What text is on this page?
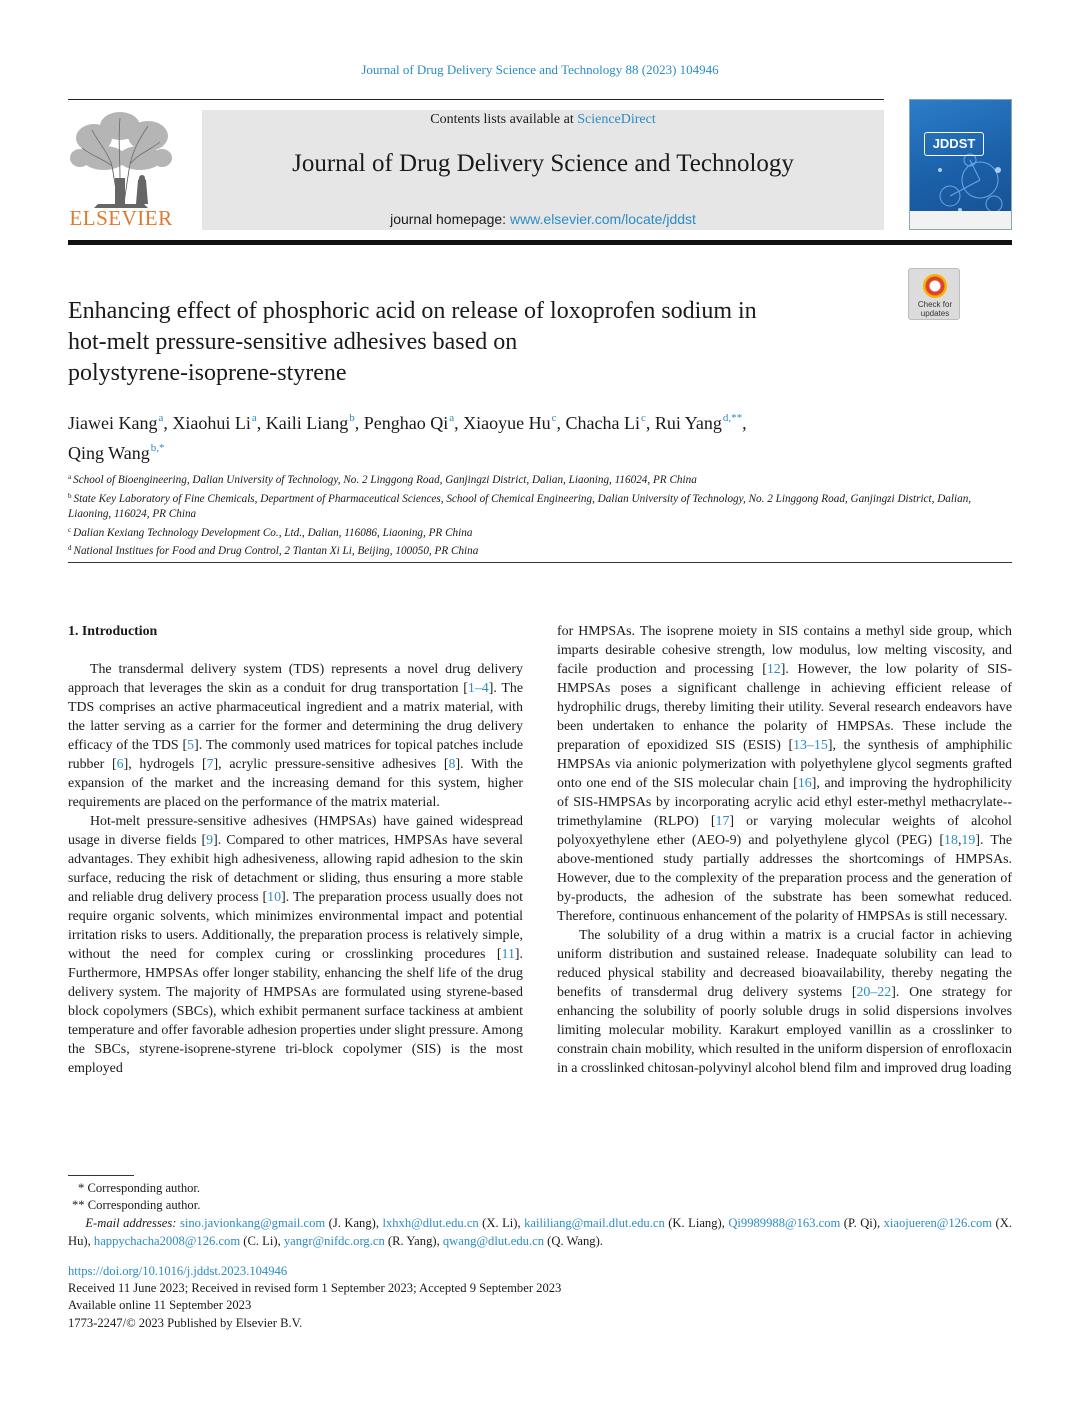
Journal of Drug Delivery Science and Technology 88 (2023) 104946
ELSEVIER
Contents lists available at ScienceDirect
Journal of Drug Delivery Science and Technology
journal homepage: www.elsevier.com/locate/jddst
JDDST
Check for updates
Enhancing effect of phosphoric acid on release of loxoprofen sodium in
hot-melt pressure-sensitive adhesives based on
polystyrene-isoprene-styrene
Jiawei Kang$^a$, Xiaohui Li$^a$, Kaili Liang$^b$, Penghao Qi$^a$, Xiaoyue Hu$^c$, Chacha Li$^c$, Rui Yang$^{d,**}$,
Qing Wang$^{b,*}$
$^a$ School of Bioengineering, Dalian University of Technology, No. 2 Linggong Road, Ganjingzi District, Dalian, Liaoning, 116024, PR China
$^b$ State Key Laboratory of Fine Chemicals, Department of Pharmaceutical Sciences, School of Chemical Engineering, Dalian University of Technology, No. 2 Linggong Road, Ganjingzi District, Dalian, Liaoning, 116024, PR China
$^c$ Dalian Kexiang Technology Development Co., Ltd., Dalian, 116086, Liaoning, PR China
$^d$ National Institues for Food and Drug Control, 2 Tiantan Xi Li, Beijing, 100050, PR China
1. Introduction

The transdermal delivery system (TDS) represents a novel drug delivery approach that leverages the skin as a conduit for drug transportation [1–4]. The TDS comprises an active pharmaceutical ingredient and a matrix material, with the latter serving as a carrier for the former and determining the drug delivery efficacy of the TDS [5]. The commonly used matrices for topical patches include rubber [6], hydrogels [7], acrylic pressure-sensitive adhesives [8]. With the expansion of the market and the increasing demand for this system, higher requirements are placed on the performance of the matrix material.

Hot-melt pressure-sensitive adhesives (HMPSAs) have gained widespread usage in diverse fields [9]. Compared to other matrices, HMPSAs have several advantages. They exhibit high adhesiveness, allowing rapid adhesion to the skin surface, reducing the risk of detachment or sliding, thus ensuring a more stable and reliable drug delivery process [10]. The preparation process usually does not require organic solvents, which minimizes environmental impact and potential irritation risks to users. Additionally, the preparation process is relatively simple, without the need for complex curing or crosslinking procedures [11]. Furthermore, HMPSAs offer longer stability, enhancing the shelf life of the drug delivery system. The majority of HMPSAs are formulated using styrene-based block copolymers (SBCs), which exhibit permanent surface tackiness at ambient temperature and offer favorable adhesion properties under slight pressure. Among the SBCs, styrene-isoprene-styrene tri-block copolymer (SIS) is the most employed

for HMPSAs. The isoprene moiety in SIS contains a methyl side group, which imparts desirable cohesive strength, low modulus, low melting viscosity, and facile production and processing [12]. However, the low polarity of SIS-HMPSAs poses a significant challenge in achieving efficient release of hydrophilic drugs, thereby limiting their utility. Several research endeavors have been undertaken to enhance the polarity of HMPSAs. These include the preparation of epoxidized SIS (ESIS) [13–15], the synthesis of amphiphilic HMPSAs via anionic polymerization with polyethylene glycol segments grafted onto one end of the SIS molecular chain [16], and improving the hydrophilicity of SIS-HMPSAs by incorporating acrylic acid ethyl ester-methyl methacrylate--trimethylamine (RLPO) [17] or varying molecular weights of alcohol polyoxyethylene ether (AEO-9) and polyethylene glycol (PEG) [18,19]. The above-mentioned study partially addresses the shortcomings of HMPSAs. However, due to the complexity of the preparation process and the generation of by-products, the adhesion of the substrate has been somewhat reduced. Therefore, continuous enhancement of the polarity of HMPSAs is still necessary.

The solubility of a drug within a matrix is a crucial factor in achieving uniform distribution and sustained release. Inadequate solubility can lead to reduced physical stability and decreased bioavailability, thereby negating the benefits of transdermal drug delivery systems [20–22]. One strategy for enhancing the solubility of poorly soluble drugs in solid dispersions involves limiting molecular mobility. Karakurt employed vanillin as a crosslinker to constrain chain mobility, which resulted in the uniform dispersion of enrofloxacin in a crosslinked chitosan-polyvinyl alcohol blend film and improved drug loading

* Corresponding author.
** Corresponding author.
E-mail addresses: sino.javionkang@gmail.com (J. Kang), lxhxh@dlut.edu.cn (X. Li), kaililiang@mail.dlut.edu.cn (K. Liang), Qi9989988@163.com (P. Qi), xiaojueren@126.com (X. Hu), happychacha2008@126.com (C. Li), yangr@nifdc.org.cn (R. Yang), qwang@dlut.edu.cn (Q. Wang).
https://doi.org/10.1016/j.jddst.2023.104946
Received 11 June 2023; Received in revised form 1 September 2023; Accepted 9 September 2023
Available online 11 September 2023
1773-2247/© 2023 Published by Elsevier B.V.
